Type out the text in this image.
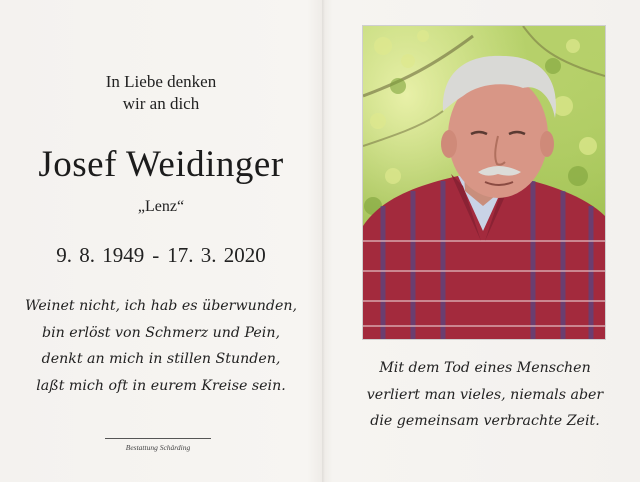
In Liebe denken
wir an dich
Josef Weidinger
„Lenz“
9. 8. 1949 - 17. 3. 2020
Weinet nicht, ich hab es überwunden,
bin erlöst von Schmerz und Pein,
denkt an mich in stillen Stunden,
laßt mich oft in eurem Kreise sein.
Bestattung Schärding
Mit dem Tod eines Menschen
verliert man vieles, niemals aber
die gemeinsam verbrachte Zeit.
